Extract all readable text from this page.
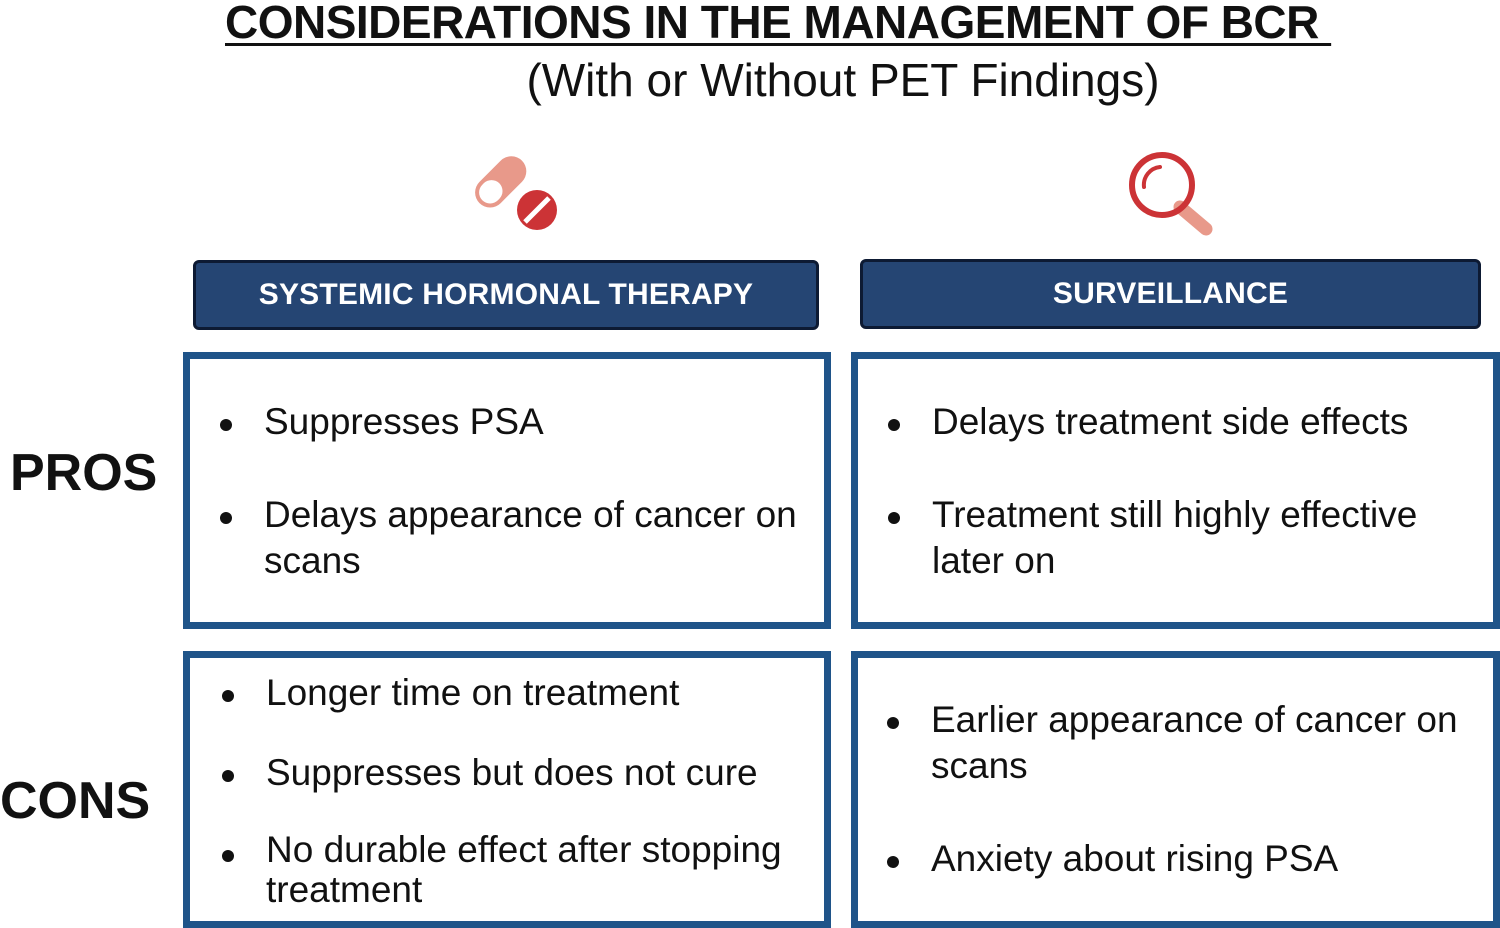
CONSIDERATIONS IN THE MANAGEMENT OF BCR
(With or Without PET Findings)
SYSTEMIC HORMONAL THERAPY	SURVEILLANCE
PROS
CONS
Suppresses PSA
Delays appearance of cancer on scans
Delays treatment side effects
Treatment still highly effective later on
Longer time on treatment
Suppresses but does not cure
No durable effect after stopping treatment
Earlier appearance of cancer on scans
Anxiety about rising PSA
